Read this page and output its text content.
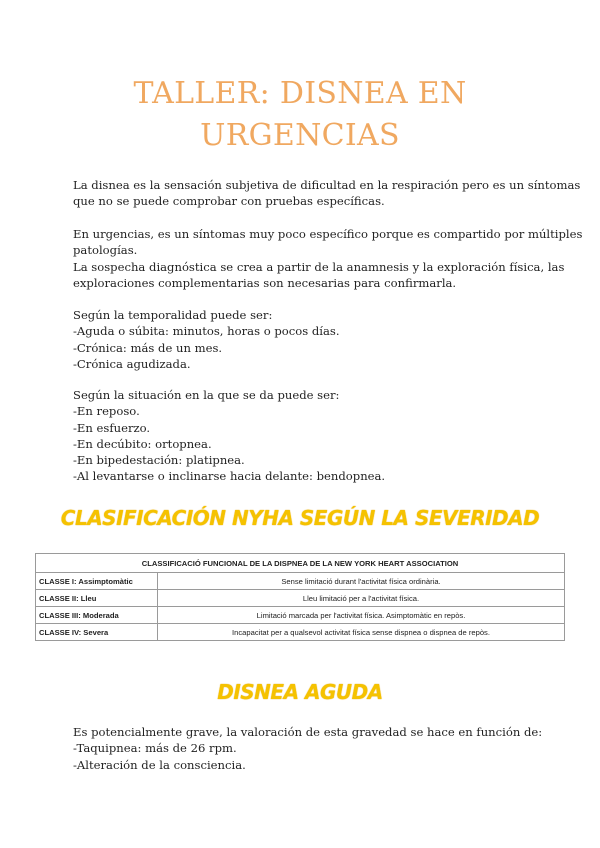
TALLER: DISNEA EN
URGENCIAS
La disnea es la sensación subjetiva de dificultad en la respiración pero es un síntomas
que no se puede comprobar con pruebas específicas.
En urgencias, es un síntomas muy poco específico porque es compartido por múltiples
patologías.
La sospecha diagnóstica se crea a partir de la anamnesis y la exploración física, las
exploraciones complementarias son necesarias para confirmarla.
Según la temporalidad puede ser:
-Aguda o súbita: minutos, horas o pocos días.
-Crónica: más de un mes.
-Crónica agudizada.
Según la situación en la que se da puede ser:
-En reposo.
-En esfuerzo.
-En decúbito: ortopnea.
-En bipedestación: platipnea.
-Al levantarse o inclinarse hacia delante: bendopnea.
CLASIFICACIÓN NYHA SEGÚN LA SEVERIDAD
CLASSIFICACIÓ FUNCIONAL DE LA DISPNEA DE LA NEW YORK HEART ASSOCIATION	
CLASSE I: Assimptomàtic	Sense limitació durant l'activitat física ordinària.
CLASSE II: Lleu	Lleu limitació per a l'activitat física.
CLASSE III: Moderada	Limitació marcada per l'activitat física. Asimptomàtic en repòs.
CLASSE IV: Severa	Incapacitat per a qualsevol activitat física sense dispnea o dispnea de repòs.
DISNEA AGUDA
Es potencialmente grave, la valoración de esta gravedad se hace en función de:
-Taquipnea: más de 26 rpm.
-Alteración de la consciencia.
